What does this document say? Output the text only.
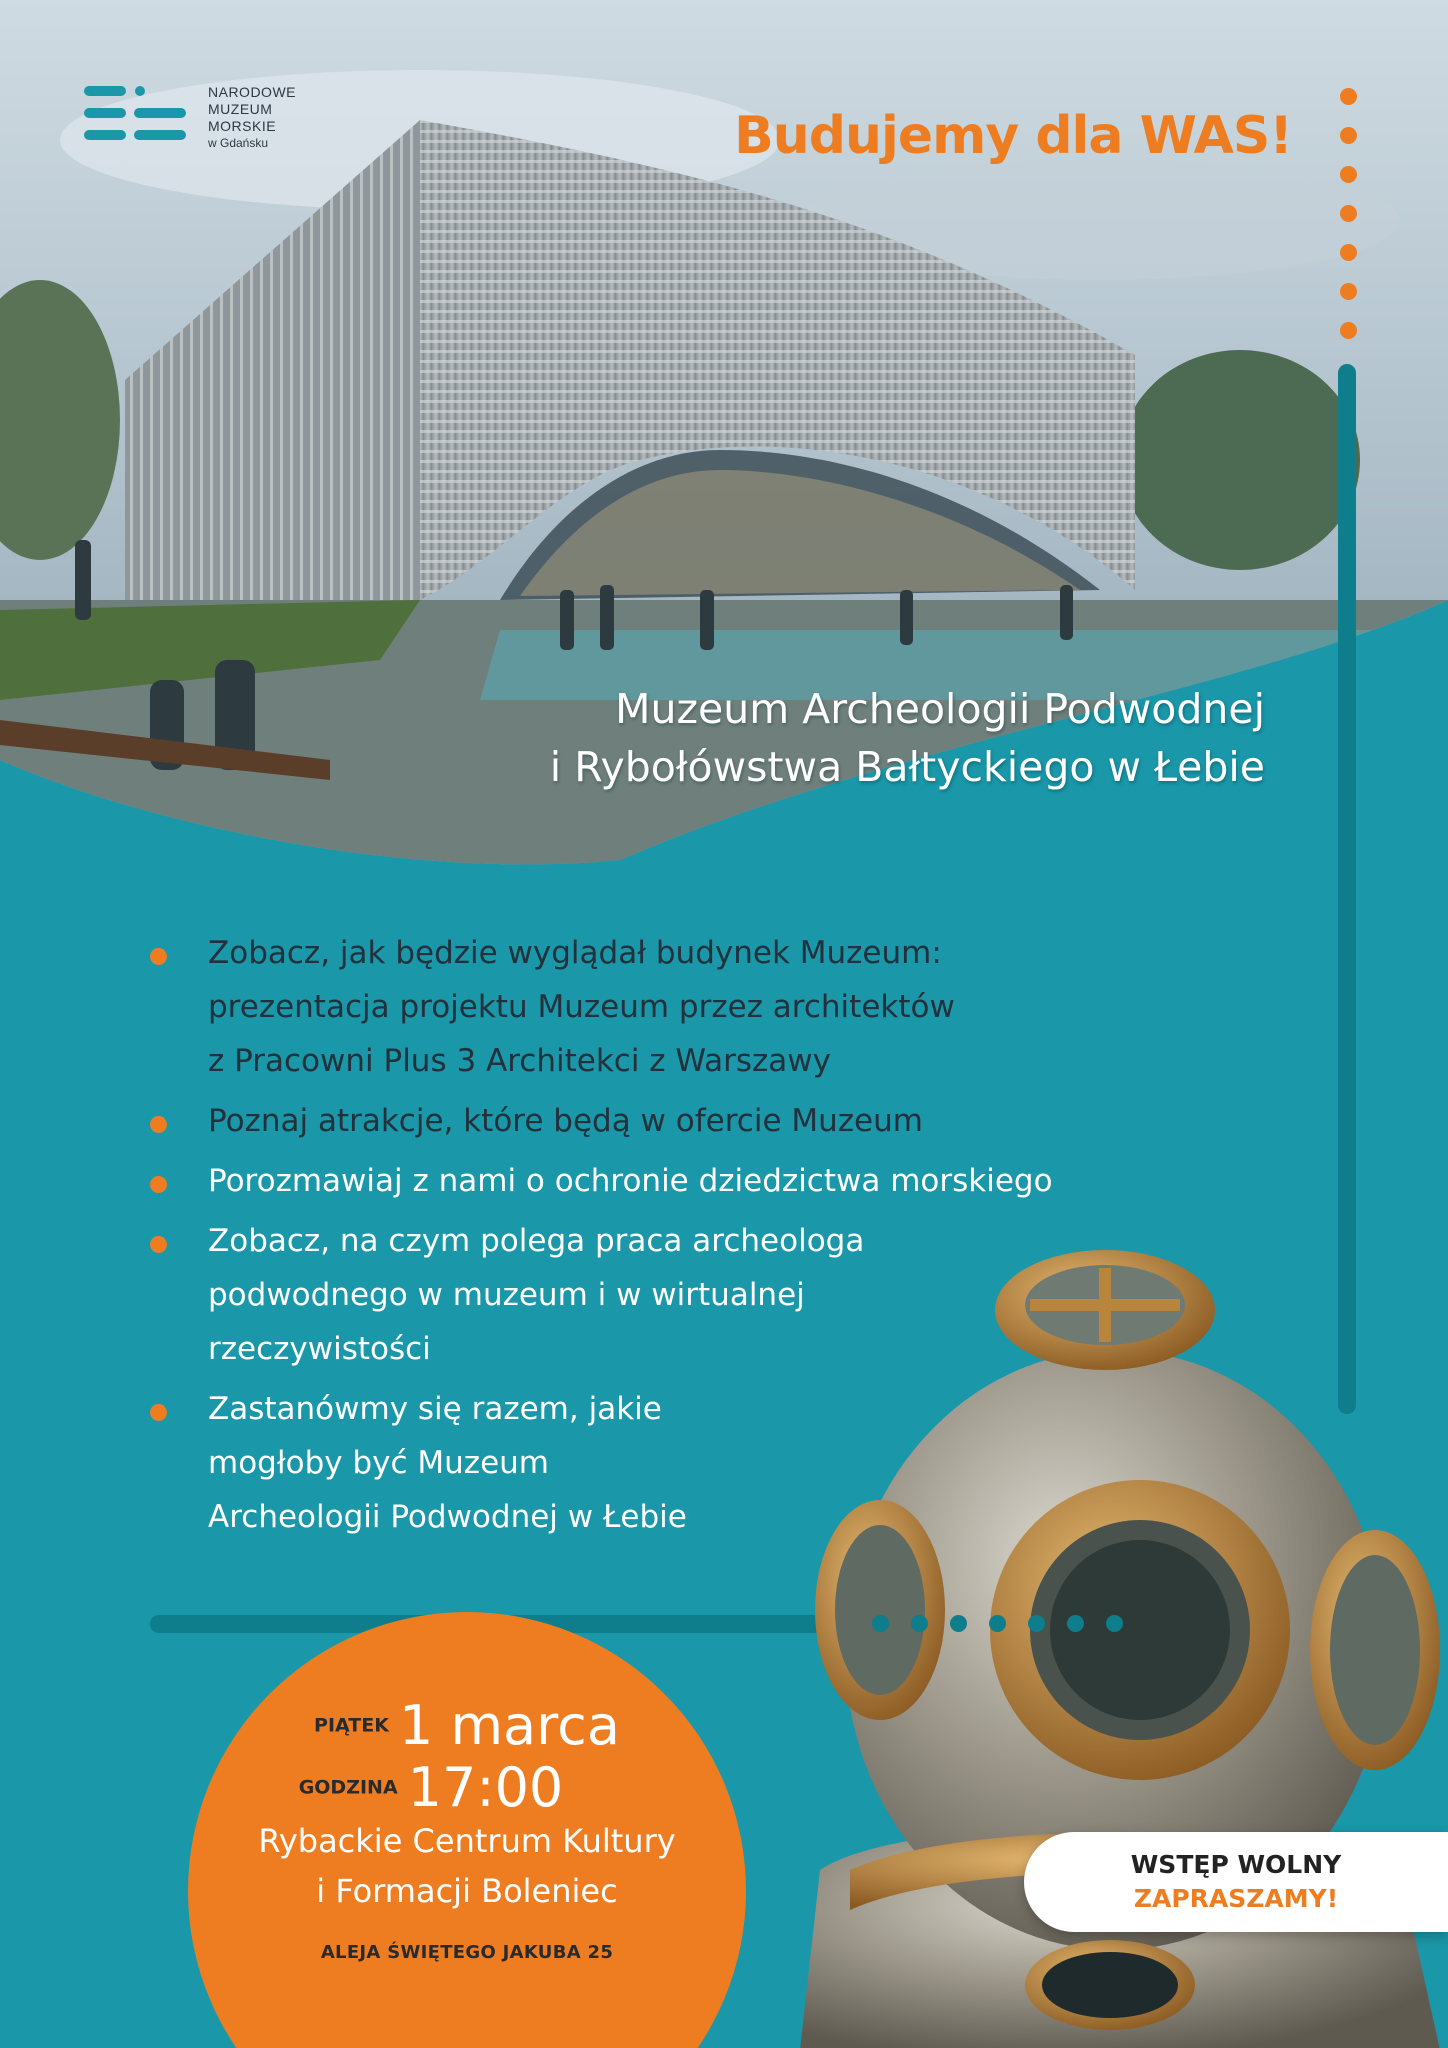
NARODOWE
MUZEUM
MORSKIE
w Gdańsku	Budujemy dla WAS!
Muzeum Archeologii Podwodnej
i Rybołówstwa Bałtyckiego w Łebie
Zobacz, jak będzie wyglądał budynek Muzeum:
prezentacja projektu Muzeum przez architektów
z Pracowni Plus 3 Architekci z Warszawy
Poznaj atrakcje, które będą w ofercie Muzeum
Porozmawiaj z nami o ochronie dziedzictwa morskiego
Zobacz, na czym polega praca archeologa
podwodnego w muzeum i w wirtualnej
rzeczywistości
Zastanówmy się razem, jakie
mogłoby być Muzeum
Archeologii Podwodnej w Łebie
PIĄTEK 1 marca
GODZINA 17:00
Rybackie Centrum Kultury
i Formacji Boleniec
ALEJA ŚWIĘTEGO JAKUBA 25
WSTĘP WOLNY
ZAPRASZAMY!
